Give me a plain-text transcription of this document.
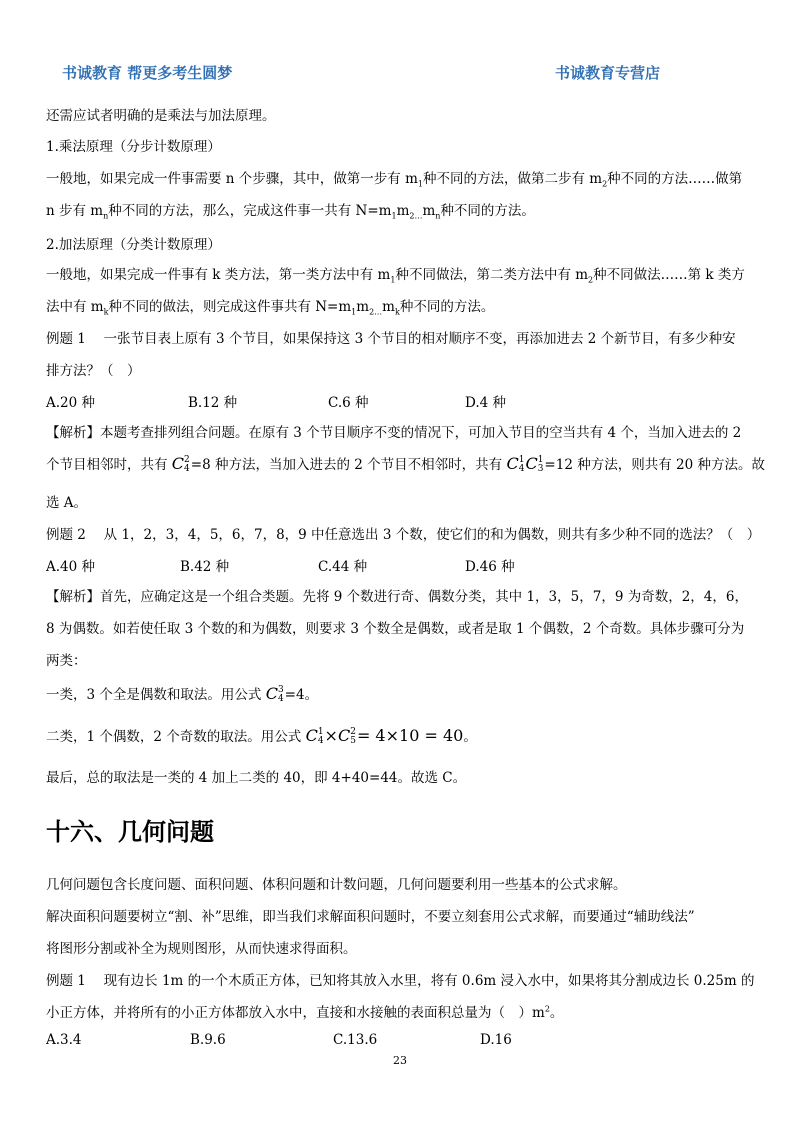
书诚教育 帮更多考生圆梦	书诚教育专营店
还需应试者明确的是乘法与加法原理。
1.乘法原理（分步计数原理）
一般地，如果完成一件事需要 n 个步骤，其中，做第一步有 $m_1$种不同的方法，做第二步有 $m_2$种不同的方法……做第
n 步有 $m_n$种不同的方法，那么，完成这件事一共有 $N=m_1m_{2\dots}m_n$种不同的方法。
2.加法原理（分类计数原理）
一般地，如果完成一件事有 k 类方法，第一类方法中有 $m_1$种不同做法，第二类方法中有 $m_2$种不同做法……第 k 类方
法中有 $m_k$种不同的做法，则完成这件事共有 $N=m_1m_{2\dots}m_k$种不同的方法。
例题 1　 一张节目表上原有 3 个节目，如果保持这 3 个节目的相对顺序不变，再添加进去 2 个新节目，有多少种安
排方法？（　）
A.20 种	B.12 种	C.6 种	D.4 种
【解析】本题考查排列组合问题。在原有 3 个节目顺序不变的情况下，可加入节目的空当共有 4 个，当加入进去的 2
个节目相邻时，共有 C 2
4 =8 种方法，当加入进去的 2 个节目不相邻时，共有 C 1
4 C 1
3 =12 种方法，则共有 20 种方法。故
选 A。
例题 2　 从 1，2，3，4，5，6，7，8，9 中任意选出 3 个数，使它们的和为偶数，则共有多少种不同的选法？（　）
A.40 种	B.42 种	C.44 种	D.46 种
【解析】首先，应确定这是一个组合类题。先将 9 个数进行奇、偶数分类，其中 1，3，5，7，9 为奇数，2，4，6，
8 为偶数。如若使任取 3 个数的和为偶数，则要求 3 个数全是偶数，或者是取 1 个偶数，2 个奇数。具体步骤可分为
两类：
一类，3 个全是偶数和取法。用公式 C 3
4 =4。
二类，1 个偶数，2 个奇数的取法。用公式 C 1
4 ×C 2
5 = 4×10 = 40。
最后，总的取法是一类的 4 加上二类的 40，即 4+40=44。故选 C。
十六、几何问题
几何问题包含长度问题、面积问题、体积问题和计数问题，几何问题要利用一些基本的公式求解。
解决面积问题要树立“割、补”思维，即当我们求解面积问题时，不要立刻套用公式求解，而要通过“辅助线法”
将图形分割或补全为规则图形，从而快速求得面积。
例题 1　 现有边长 1m 的一个木质正方体，已知将其放入水里，将有 0.6m 浸入水中，如果将其分割成边长 0.25m 的
小正方体，并将所有的小正方体都放入水中，直接和水接触的表面积总量为（　）$m^2$。
A.3.4	B.9.6	C.13.6	D.16
23
